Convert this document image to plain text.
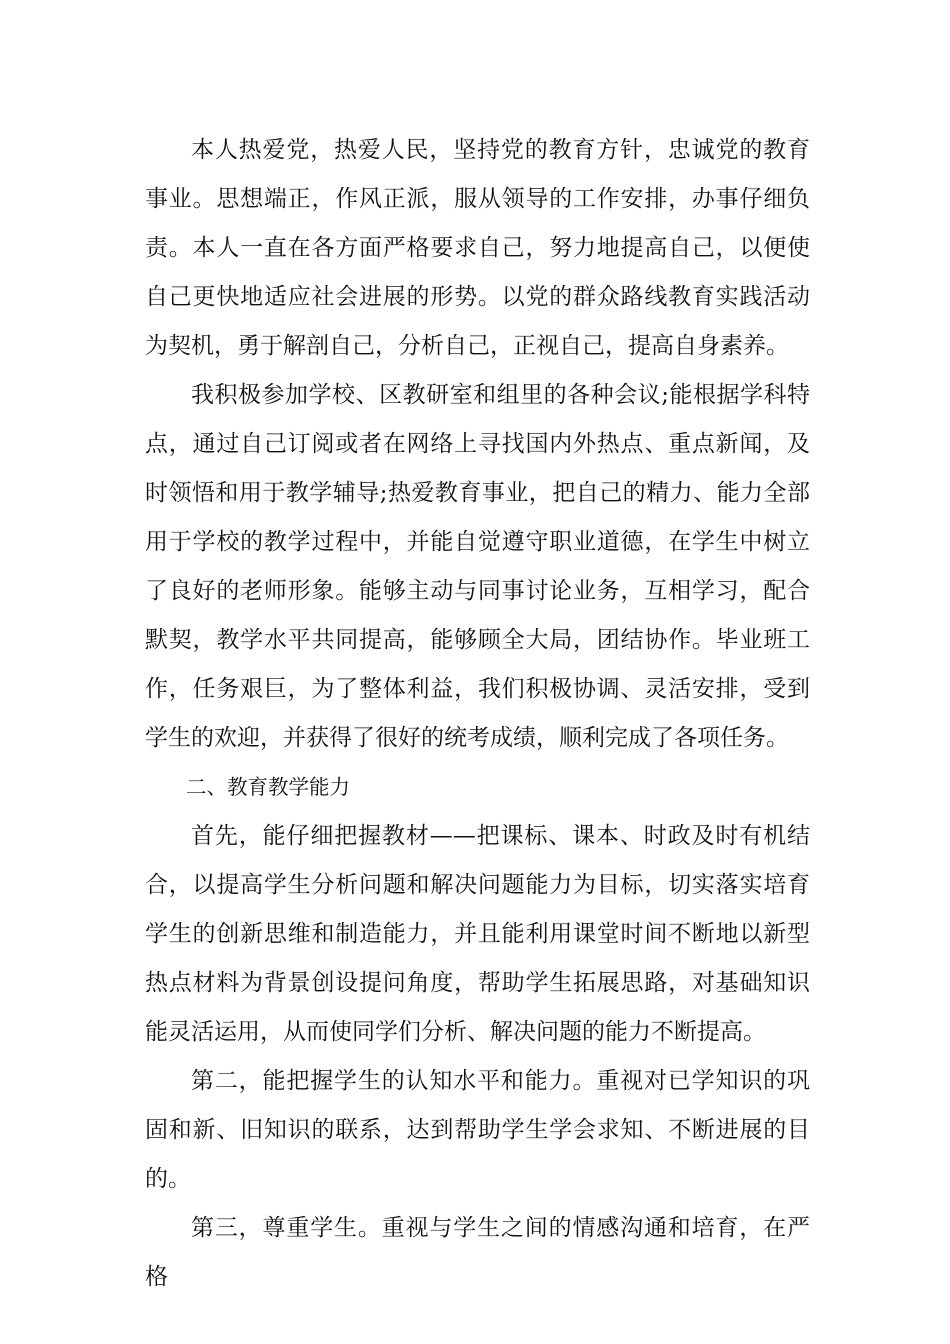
本人热爱党，热爱人民，坚持党的教育方针，忠诚党的教育事业。思想端正，作风正派，服从领导的工作安排，办事仔细负责。本人一直在各方面严格要求自己，努力地提高自己，以便使自己更快地适应社会进展的形势。以党的群众路线教育实践活动为契机，勇于解剖自己，分析自己，正视自己，提高自身素养。

我积极参加学校、区教研室和组里的各种会议;能根据学科特点，通过自己订阅或者在网络上寻找国内外热点、重点新闻，及时领悟和用于教学辅导;热爱教育事业，把自己的精力、能力全部用于学校的教学过程中，并能自觉遵守职业道德，在学生中树立了良好的老师形象。能够主动与同事讨论业务，互相学习，配合默契，教学水平共同提高，能够顾全大局，团结协作。毕业班工作，任务艰巨，为了整体利益，我们积极协调、灵活安排，受到学生的欢迎，并获得了很好的统考成绩，顺利完成了各项任务。

二、教育教学能力

首先，能仔细把握教材——把课标、课本、时政及时有机结合，以提高学生分析问题和解决问题能力为目标，切实落实培育学生的创新思维和制造能力，并且能利用课堂时间不断地以新型热点材料为背景创设提问角度，帮助学生拓展思路，对基础知识能灵活运用，从而使同学们分析、解决问题的能力不断提高。

第二，能把握学生的认知水平和能力。重视对已学知识的巩固和新、旧知识的联系，达到帮助学生学会求知、不断进展的目的。

第三，尊重学生。重视与学生之间的情感沟通和培育，在严格
